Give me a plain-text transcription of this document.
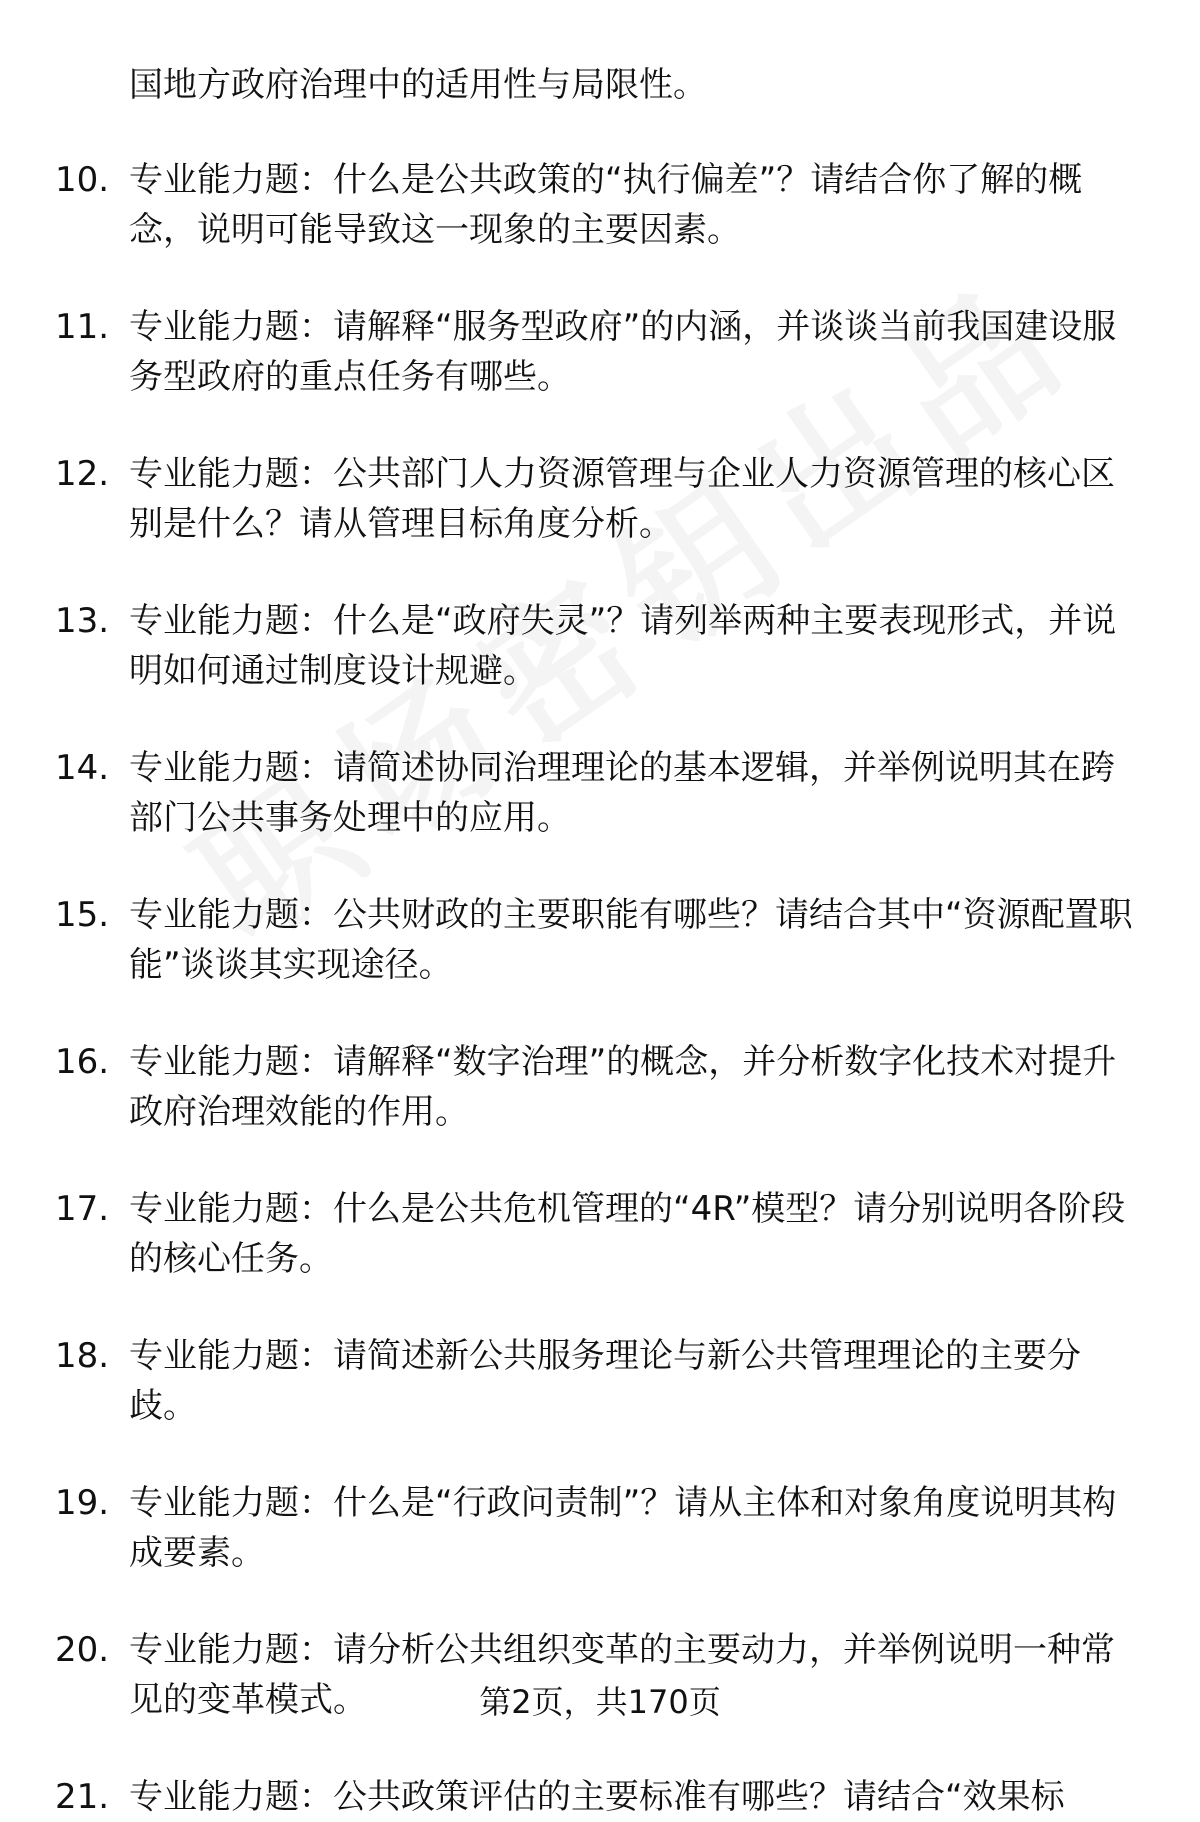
国地方政府治理中的适用性与局限性。
10. 专业能力题：什么是公共政策的“执行偏差”？请结合你了解的概念，说明可能导致这一现象的主要因素。
11. 专业能力题：请解释“服务型政府”的内涵，并谈谈当前我国建设服务型政府的重点任务有哪些。
12. 专业能力题：公共部门人力资源管理与企业人力资源管理的核心区别是什么？请从管理目标角度分析。
13. 专业能力题：什么是“政府失灵”？请列举两种主要表现形式，并说明如何通过制度设计规避。
14. 专业能力题：请简述协同治理理论的基本逻辑，并举例说明其在跨部门公共事务处理中的应用。
15. 专业能力题：公共财政的主要职能有哪些？请结合其中“资源配置职能”谈谈其实现途径。
16. 专业能力题：请解释“数字治理”的概念，并分析数字化技术对提升政府治理效能的作用。
17. 专业能力题：什么是公共危机管理的“4R”模型？请分别说明各阶段的核心任务。
18. 专业能力题：请简述新公共服务理论与新公共管理理论的主要分歧。
19. 专业能力题：什么是“行政问责制”？请从主体和对象角度说明其构成要素。
20. 专业能力题：请分析公共组织变革的主要动力，并举例说明一种常见的变革模式。
21. 专业能力题：公共政策评估的主要标准有哪些？请结合“效果标
第2页，共170页
